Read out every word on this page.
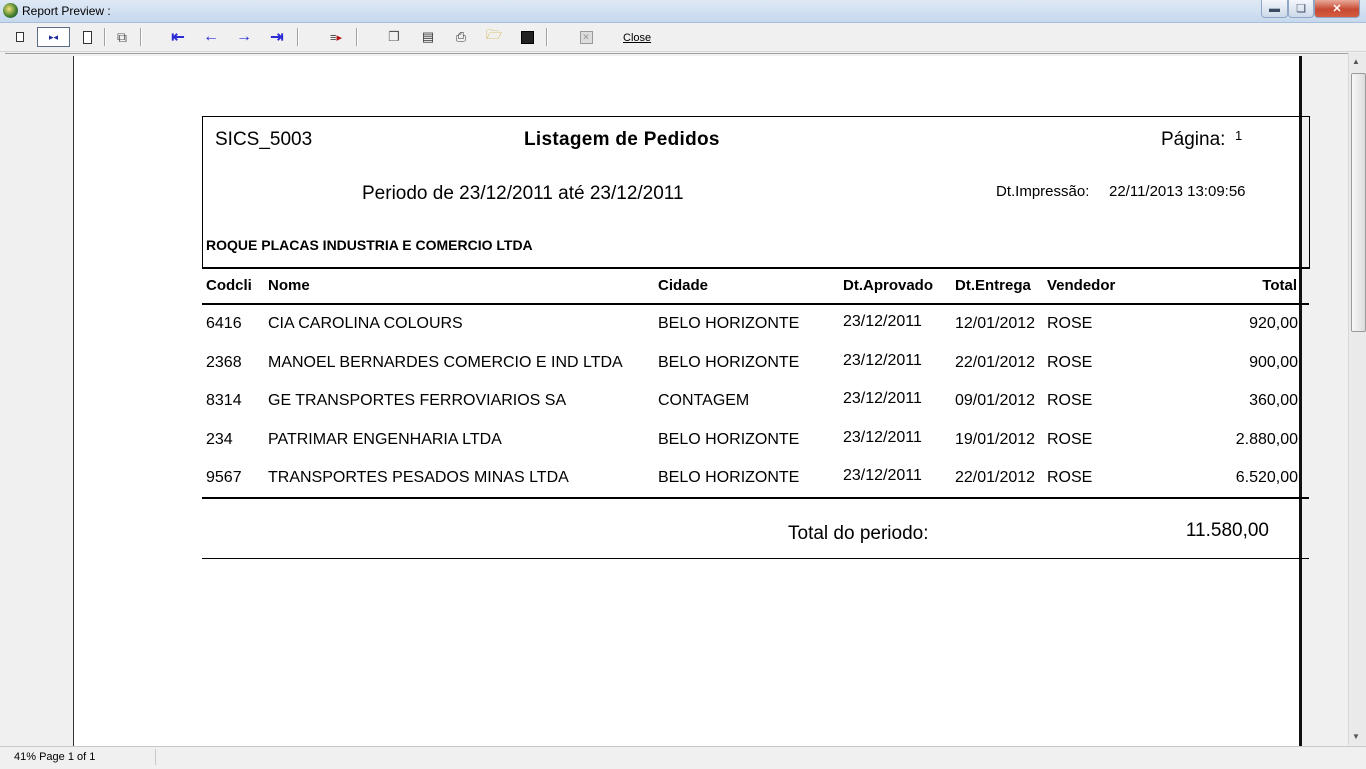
Report Preview :	▬	❏	✕
▸◂	⧉	⇤ ← → ⇥	≡▸	❐ ▤ ⎙ 🗁	✕	Close
SICS_5003	Listagem de Pedidos	Página: 1
Periodo de 23/12/2011 até 23/12/2011	Dt.Impressão: 22/11/2013 13:09:56
ROQUE PLACAS INDUSTRIA E COMERCIO LTDA
Codcli Nome	Cidade	Dt.Aprovado Dt.Entrega Vendedor	Total
6416 CIA CAROLINA COLOURS	BELO HORIZONTE	23/12/2011 12/01/2012 ROSE	920,00
2368 MANOEL BERNARDES COMERCIO E IND LTDA BELO HORIZONTE	23/12/2011 22/01/2012 ROSE	900,00
8314 GE TRANSPORTES FERROVIARIOS SA	CONTAGEM	23/12/2011 09/01/2012 ROSE	360,00
234 PATRIMAR ENGENHARIA LTDA	BELO HORIZONTE	23/12/2011 19/01/2012 ROSE	2.880,00
9567 TRANSPORTES PESADOS MINAS LTDA	BELO HORIZONTE	23/12/2011 22/01/2012 ROSE	6.520,00
Total do periodo:	11.580,00
▲
▼
41% Page 1 of 1
